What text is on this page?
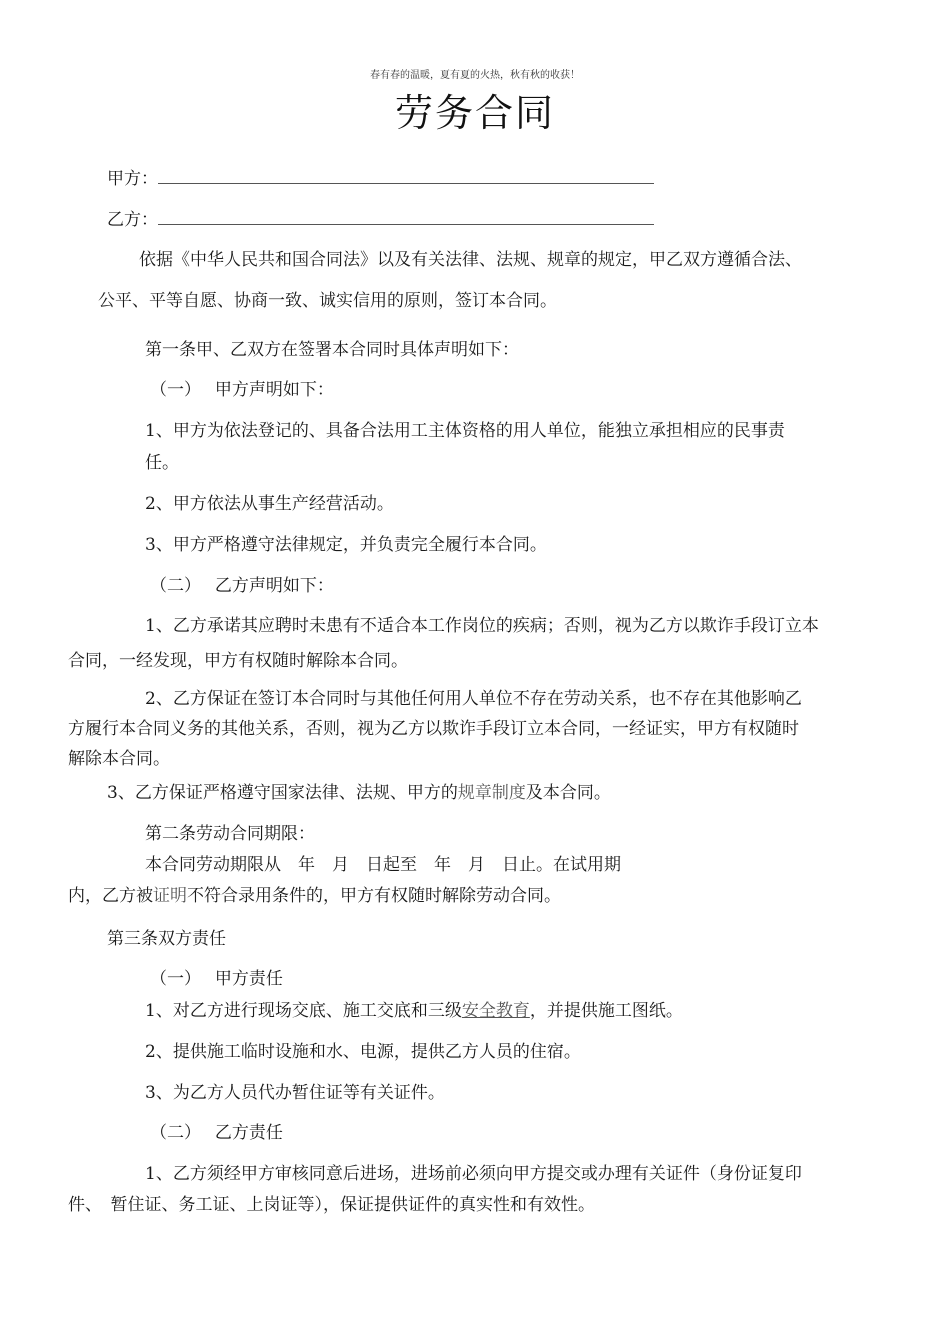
春有春的温暖，夏有夏的火热，秋有秋的收获！
劳务合同
甲方：
乙方：
依据《中华人民共和国合同法》以及有关法律、法规、规章的规定，甲乙双方遵循合法、
公平、平等自愿、协商一致、诚实信用的原则，签订本合同。
第一条甲、乙双方在签署本合同时具体声明如下：
（一）　 甲方声明如下：
1、甲方为依法登记的、具备合法用工主体资格的用人单位，能独立承担相应的民事责
任。
2、甲方依法从事生产经营活动。
3、甲方严格遵守法律规定，并负责完全履行本合同。
（二）　 乙方声明如下：
1、乙方承诺其应聘时未患有不适合本工作岗位的疾病；否则，视为乙方以欺诈手段订立本
合同，一经发现，甲方有权随时解除本合同。
2、乙方保证在签订本合同时与其他任何用人单位不存在劳动关系，也不存在其他影响乙
方履行本合同义务的其他关系，否则，视为乙方以欺诈手段订立本合同，一经证实，甲方有权随时
解除本合同。
3、乙方保证严格遵守国家法律、法规、甲方的规章制度及本合同。
第二条劳动合同期限：
本合同劳动期限从　年　月　日起至　年　月　日止。在试用期
内，乙方被证明不符合录用条件的，甲方有权随时解除劳动合同。
第三条双方责任
（一）　 甲方责任
1、对乙方进行现场交底、施工交底和三级安全教育，并提供施工图纸。
2、提供施工临时设施和水、电源，提供乙方人员的住宿。
3、为乙方人员代办暂住证等有关证件。
（二）　 乙方责任
1、乙方须经甲方审核同意后进场，进场前必须向甲方提交或办理有关证件（身份证复印
件、　暂住证、务工证、上岗证等），保证提供证件的真实性和有效性。
